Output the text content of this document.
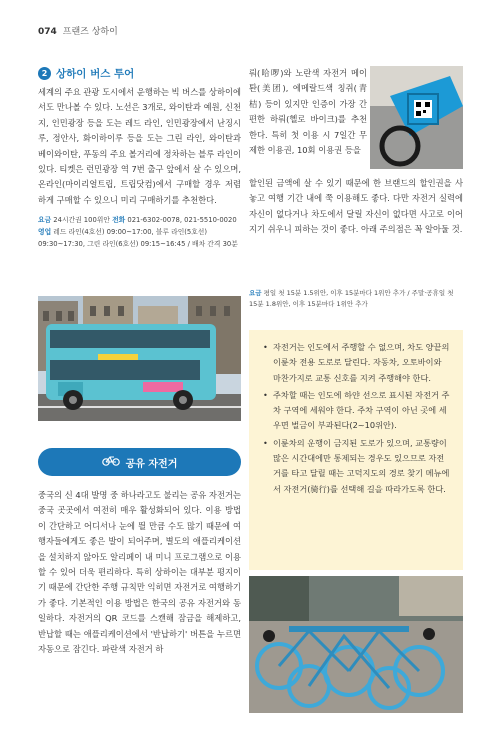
074 프랜즈 상하이
2 상하이 버스 투어

세계의 주요 관광 도시에서 운행하는 빅 버스를 상하이에서도 만나볼 수 있다. 노선은 3개로, 와이탄과 예원, 신천지, 인민광장 등을 도는 레드 라인, 인민광장에서 난징시루, 정안사, 화이하이루 등을 도는 그린 라인, 와이탄과 베이와이탄, 푸동의 주요 볼거리에 정차하는 블루 라인이 있다. 티켓은 런민광장 역 7번 출구 앞에서 살 수 있으며, 온라인(마이리얼트립, 트립닷컴)에서 구매할 경우 저렴하게 구매할 수 있으니 미리 구매하기를 추천한다.

요금 24시간권 100위안 전화 021-6302-0078, 021-5510-0020 영업 레드 라인(4호선) 09:00~17:00, 블루 라인(5호선) 09:30~17:30, 그린 라인(6호선) 09:15~16:45 / 배차 간격 30분
공유 자전거

중국의 신 4대 발명 중 하나라고도 불리는 공유 자전거는 중국 곳곳에서 여전히 매우 활성화되어 있다. 이용 방법이 간단하고 어디서나 눈에 띌 만큼 수도 많기 때문에 여행자들에게도 좋은 발이 되어주며, 별도의 애플리케이션을 설치하지 않아도 알리페이 내 미니 프로그램으로 이용할 수 있어 더욱 편리하다. 특히 상하이는 대부분 평지이기 때문에 간단한 주행 규칙만 익히면 자전거로 여행하기가 좋다. 기본적인 이용 방법은 한국의 공유 자전거와 동일하다. 자전거의 QR 코드를 스캔해 잠금을 해제하고, 반납할 때는 애플리케이션에서 '반납하기' 버튼을 누르면 자동으로 잠긴다. 파란색 자전거 하

뤄(哈啰)와 노란색 자전거 메이퇀(美团), 에메랄드색 칭쥐(青桔) 등이 있지만 인증이 가장 간편한 하뤄(헬로 바이크)를 추천한다. 특히 첫 이용 시 7일간 무제한 이용권, 10회 이용권 등을

할인된 금액에 살 수 있기 때문에 한 브랜드의 할인권을 사놓고 여행 기간 내에 쭉 이용해도 좋다. 다만 자전거 실력에 자신이 없다거나 차도에서 달릴 자신이 없다면 사고로 이어지기 쉬우니 피하는 것이 좋다. 아래 주의점은 꼭 알아둘 것.

요금 평일 첫 15분 1.5위안, 이후 15분마다 1위안 추가 / 주말·공휴일 첫 15분 1.8위안, 이후 15분마다 1위안 추가
• 자전거는 인도에서 주행할 수 없으며, 차도 양끝의 이륜차 전용 도로로 달린다. 자동차, 오토바이와 마찬가지로 교통 신호를 지켜 주행해야 한다.
• 주차할 때는 인도에 하얀 선으로 표시된 자전거 주차 구역에 세워야 한다. 주차 구역이 아닌 곳에 세우면 벌금이 부과된다(2~10위안).
• 이륜차의 운행이 금지된 도로가 있으며, 교통량이 많은 시간대에만 통제되는 경우도 있으므로 자전거를 타고 달릴 때는 고덕지도의 경로 찾기 메뉴에서 자전거(骑行)를 선택해 길을 따라가도록 한다.
